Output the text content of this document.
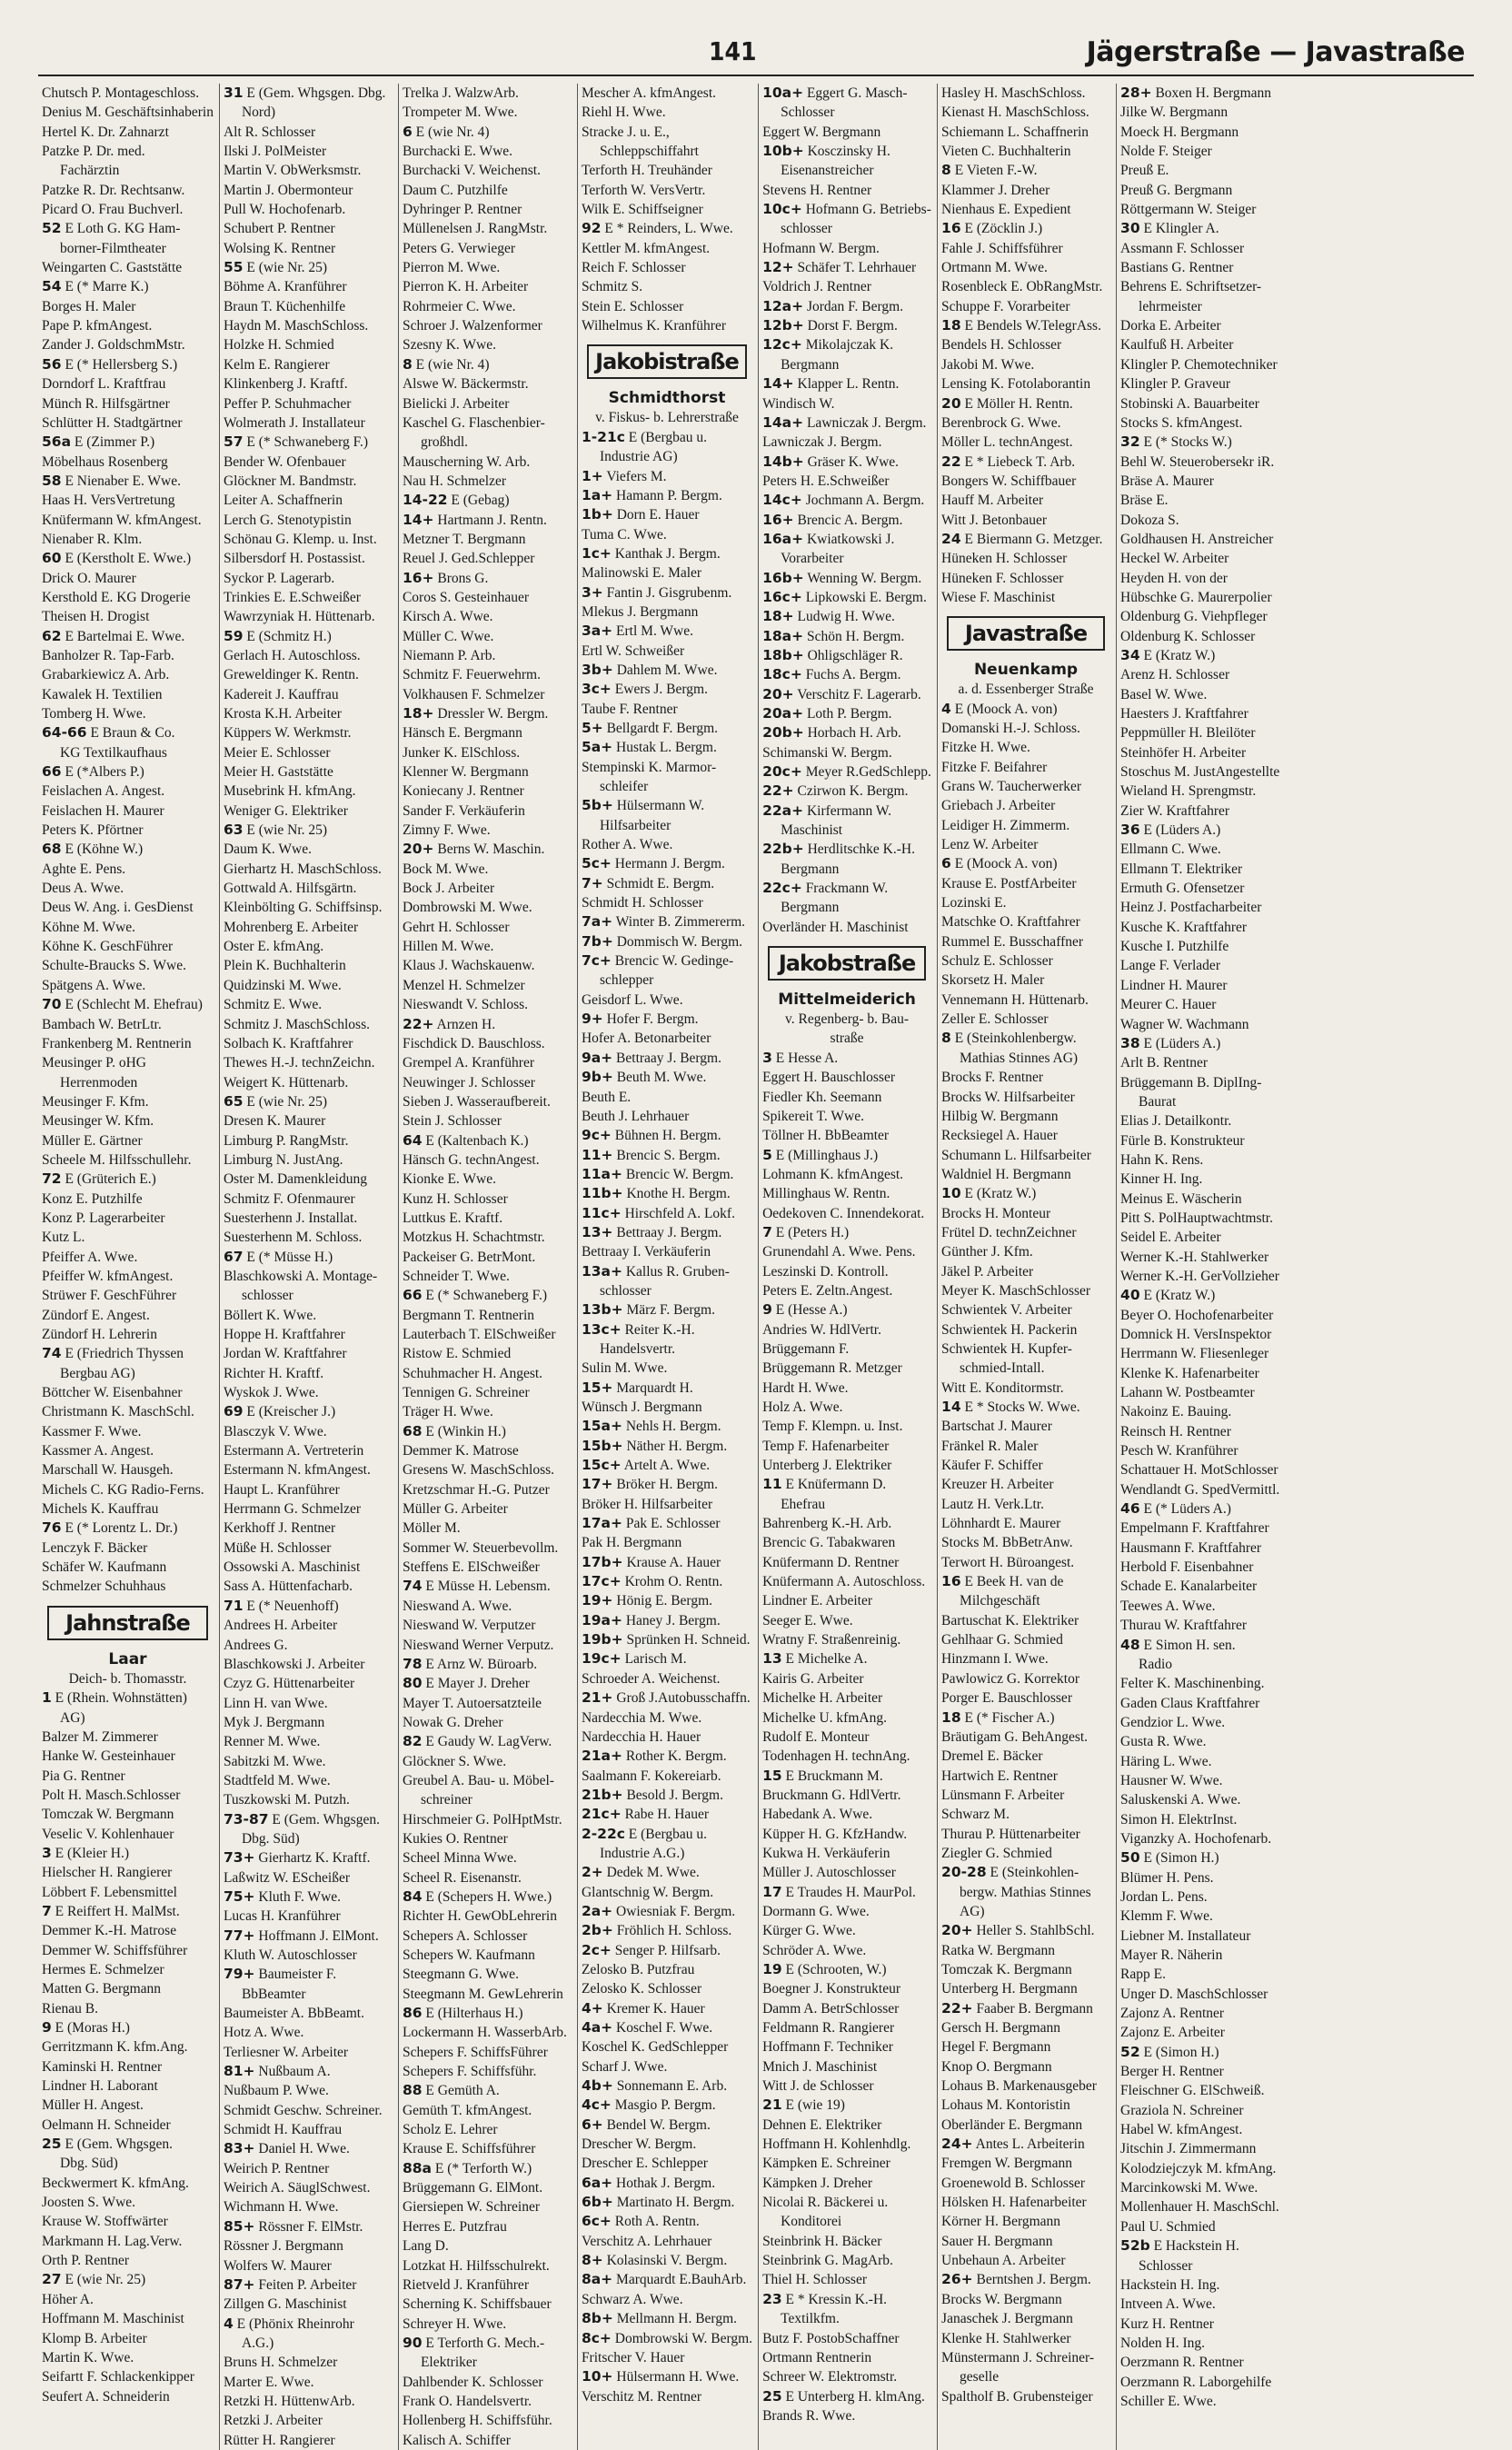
141	Jägerstraße — Javastraße
Chutsch P. Montageschloss.
Denius M. Geschäftsinhaberin
Hertel K. Dr. Zahnarzt
Patzke P. Dr. med.
Fachärztin
Patzke R. Dr. Rechtsanw.
Picard O. Frau Buchverl.
52 E Loth G. KG Ham-
borner-Filmtheater
Weingarten C. Gaststätte
54 E (* Marre K.)
Borges H. Maler
Pape P. kfmAngest.
Zander J. GoldschmMstr.
56 E (* Hellersberg S.)
Dorndorf L. Kraftfrau
Münch R. Hilfsgärtner
Schlütter H. Stadtgärtner
56a E (Zimmer P.)
Möbelhaus Rosenberg
58 E Nienaber E. Wwe.
Haas H. VersVertretung
Knüfermann W. kfmAngest.
Nienaber R. Klm.
60 E (Kerstholt E. Wwe.)
Drick O. Maurer
Kersthold E. KG Drogerie
Theisen H. Drogist
62 E Bartelmai E. Wwe.
Banholzer R. Tap-Farb.
Grabarkiewicz A. Arb.
Kawalek H. Textilien
Tomberg H. Wwe.
64-66 E Braun & Co.
KG Textilkaufhaus
66 E (*Albers P.)
Feislachen A. Angest.
Feislachen H. Maurer
Peters K. Pförtner
68 E (Köhne W.)
Aghte E. Pens.
Deus A. Wwe.
Deus W. Ang. i. GesDienst
Köhne M. Wwe.
Köhne K. GeschFührer
Schulte-Braucks S. Wwe.
Spätgens A. Wwe.
70 E (Schlecht M. Ehefrau)
Bambach W. BetrLtr.
Frankenberg M. Rentnerin
Meusinger P. oHG
Herrenmoden
Meusinger F. Kfm.
Meusinger W. Kfm.
Müller E. Gärtner
Scheele M. Hilfsschullehr.
72 E (Grüterich E.)
Konz E. Putzhilfe
Konz P. Lagerarbeiter
Kutz L.
Pfeiffer A. Wwe.
Pfeiffer W. kfmAngest.
Strüwer F. GeschFührer
Zündorf E. Angest.
Zündorf H. Lehrerin
74 E (Friedrich Thyssen
Bergbau AG)
Böttcher W. Eisenbahner
Christmann K. MaschSchl.
Kassmer F. Wwe.
Kassmer A. Angest.
Marschall W. Hausgeh.
Michels C. KG Radio-Ferns.
Michels K. Kauffrau
76 E (* Lorentz L. Dr.)
Lenczyk F. Bäcker
Schäfer W. Kaufmann
Schmelzer Schuhhaus
Jahnstraße
Laar
Deich- b. Thomasstr.
1 E (Rhein. Wohnstätten)
AG)
Balzer M. Zimmerer
Hanke W. Gesteinhauer
Pia G. Rentner
Polt H. Masch.Schlosser
Tomczak W. Bergmann
Veselic V. Kohlenhauer
3 E (Kleier H.)
Hielscher H. Rangierer
Löbbert F. Lebensmittel
7 E Reiffert H. MalMst.
Demmer K.-H. Matrose
Demmer W. Schiffsführer
Hermes E. Schmelzer
Matten G. Bergmann
Rienau B.
9 E (Moras H.)
Gerritzmann K. kfm.Ang.
Kaminski H. Rentner
Lindner H. Laborant
Müller H. Angest.
Oelmann H. Schneider
25 E (Gem. Whgsgen.
Dbg. Süd)
Beckwermert K. kfmAng.
Joosten S. Wwe.
Krause W. Stoffwärter
Markmann H. Lag.Verw.
Orth P. Rentner
27 E (wie Nr. 25)
Höher A.
Hoffmann M. Maschinist
Klomp B. Arbeiter
Martin K. Wwe.
Seifartt F. Schlackenkipper
Seufert A. Schneiderin
31 E (Gem. Whgsgen. Dbg.
Nord)
Alt R. Schlosser
Ilski J. PolMeister
Martin V. ObWerksmstr.
Martin J. Obermonteur
Pull W. Hochofenarb.
Schubert P. Rentner
Wolsing K. Rentner
55 E (wie Nr. 25)
Böhme A. Kranführer
Braun T. Küchenhilfe
Haydn M. MaschSchloss.
Holzke H. Schmied
Kelm E. Rangierer
Klinkenberg J. Kraftf.
Peffer P. Schuhmacher
Wolmerath J. Installateur
57 E (* Schwaneberg F.)
Bender W. Ofenbauer
Glöckner M. Bandmstr.
Leiter A. Schaffnerin
Lerch G. Stenotypistin
Schönau G. Klemp. u. Inst.
Silbersdorf H. Postassist.
Syckor P. Lagerarb.
Trinkies E. E.Schweißer
Wawrzyniak H. Hüttenarb.
59 E (Schmitz H.)
Gerlach H. Autoschloss.
Greweldinger K. Rentn.
Kadereit J. Kauffrau
Krosta K.H. Arbeiter
Küppers W. Werkmstr.
Meier E. Schlosser
Meier H. Gaststätte
Musebrink H. kfmAng.
Weniger G. Elektriker
63 E (wie Nr. 25)
Daum K. Wwe.
Gierhartz H. MaschSchloss.
Gottwald A. Hilfsgärtn.
Kleinbölting G. Schiffsinsp.
Mohrenberg E. Arbeiter
Oster E. kfmAng.
Plein K. Buchhalterin
Quidzinski M. Wwe.
Schmitz E. Wwe.
Schmitz J. MaschSchloss.
Solbach K. Kraftfahrer
Thewes H.-J. technZeichn.
Weigert K. Hüttenarb.
65 E (wie Nr. 25)
Dresen K. Maurer
Limburg P. RangMstr.
Limburg N. JustAng.
Oster M. Damenkleidung
Schmitz F. Ofenmaurer
Suesterhenn J. Installat.
Suesterhenn M. Schloss.
67 E (* Müsse H.)
Blaschkowski A. Montage-
schlosser
Böllert K. Wwe.
Hoppe H. Kraftfahrer
Jordan W. Kraftfahrer
Richter H. Kraftf.
Wyskok J. Wwe.
69 E (Kreischer J.)
Blasczyk V. Wwe.
Estermann A. Vertreterin
Estermann N. kfmAngest.
Haupt L. Kranführer
Herrmann G. Schmelzer
Kerkhoff J. Rentner
Müße H. Schlosser
Ossowski A. Maschinist
Sass A. Hüttenfacharb.
71 E (* Neuenhoff)
Andrees H. Arbeiter
Andrees G.
Blaschkowski J. Arbeiter
Czyz G. Hüttenarbeiter
Linn H. van Wwe.
Myk J. Bergmann
Renner M. Wwe.
Sabitzki M. Wwe.
Stadtfeld M. Wwe.
Tuszkowski M. Putzh.
73-87 E (Gem. Whgsgen.
Dbg. Süd)
73+ Gierhartz K. Kraftf.
Laßwitz W. EScheißer
75+ Kluth F. Wwe.
Lucas H. Kranführer
77+ Hoffmann J. ElMont.
Kluth W. Autoschlosser
79+ Baumeister F.
BbBeamter
Baumeister A. BbBeamt.
Hotz A. Wwe.
Terliesner W. Arbeiter
81+ Nußbaum A.
Nußbaum P. Wwe.
Schmidt Geschw. Schreiner.
Schmidt H. Kauffrau
83+ Daniel H. Wwe.
Weirich P. Rentner
Weirich A. SäuglSchwest.
Wichmann H. Wwe.
85+ Rössner F. ElMstr.
Rössner J. Bergmann
Wolfers W. Maurer
87+ Feiten P. Arbeiter
Zillgen G. Maschinist
4 E (Phönix Rheinrohr
A.G.)
Bruns H. Schmelzer
Marter E. Wwe.
Retzki H. HüttenwArb.
Retzki J. Arbeiter
Rütter H. Rangierer
Trelka J. WalzwArb.
Trompeter M. Wwe.
6 E (wie Nr. 4)
Burchacki E. Wwe.
Burchacki V. Weichenst.
Daum C. Putzhilfe
Dyhringer P. Rentner
Müllenelsen J. RangMstr.
Peters G. Verwieger
Pierron M. Wwe.
Pierron K. H. Arbeiter
Rohrmeier C. Wwe.
Schroer J. Walzenformer
Szesny K. Wwe.
8 E (wie Nr. 4)
Alswe W. Bäckermstr.
Bielicki J. Arbeiter
Kaschel G. Flaschenbier-
großhdl.
Mauscherning W. Arb.
Nau H. Schmelzer
14-22 E (Gebag)
14+ Hartmann J. Rentn.
Metzner T. Bergmann
Reuel J. Ged.Schlepper
16+ Brons G.
Coros S. Gesteinhauer
Kirsch A. Wwe.
Müller C. Wwe.
Niemann P. Arb.
Schmitz F. Feuerwehrm.
Volkhausen F. Schmelzer
18+ Dressler W. Bergm.
Hänsch E. Bergmann
Junker K. ElSchloss.
Klenner W. Bergmann
Koniecany J. Rentner
Sander F. Verkäuferin
Zimny F. Wwe.
20+ Berns W. Maschin.
Bock M. Wwe.
Bock J. Arbeiter
Dombrowski M. Wwe.
Gehrt H. Schlosser
Hillen M. Wwe.
Klaus J. Wachskauenw.
Menzel H. Schmelzer
Nieswandt V. Schloss.
22+ Arnzen H.
Fischdick D. Bauschloss.
Grempel A. Kranführer
Neuwinger J. Schlosser
Sieben J. Wasseraufbereit.
Stein J. Schlosser
64 E (Kaltenbach K.)
Hänsch G. technAngest.
Kionke E. Wwe.
Kunz H. Schlosser
Luttkus E. Kraftf.
Motzkus H. Schachtmstr.
Packeiser G. BetrMont.
Schneider T. Wwe.
66 E (* Schwaneberg F.)
Bergmann T. Rentnerin
Lauterbach T. ElSchweißer
Ristow E. Schmied
Schuhmacher H. Angest.
Tennigen G. Schreiner
Träger H. Wwe.
68 E (Winkin H.)
Demmer K. Matrose
Gresens W. MaschSchloss.
Kretzschmar H.-G. Putzer
Müller G. Arbeiter
Möller M.
Sommer W. Steuerbevollm.
Steffens E. ElSchweißer
74 E Müsse H. Lebensm.
Nieswand A. Wwe.
Nieswand W. Verputzer
Nieswand Werner Verputz.
78 E Arnz W. Büroarb.
80 E Mayer J. Dreher
Mayer T. Autoersatzteile
Nowak G. Dreher
82 E Gaudy W. LagVerw.
Glöckner S. Wwe.
Greubel A. Bau- u. Möbel-
schreiner
Hirschmeier G. PolHptMstr.
Kukies O. Rentner
Scheel Minna Wwe.
Scheel R. Eisenanstr.
84 E (Schepers H. Wwe.)
Richter H. GewObLehrerin
Schepers A. Schlosser
Schepers W. Kaufmann
Steegmann G. Wwe.
Steegmann M. GewLehrerin
86 E (Hilterhaus H.)
Lockermann H. WasserbArb.
Schepers F. SchiffsFührer
Schepers F. Schiffsführ.
88 E Gemüth A.
Gemüth T. kfmAngest.
Scholz E. Lehrer
Krause E. Schiffsführer
88a E (* Terforth W.)
Brüggemann G. ElMont.
Giersiepen W. Schreiner
Herres E. Putzfrau
Lang D.
Lotzkat H. Hilfsschulrekt.
Rietveld J. Kranführer
Scherning K. Schiffsbauer
Schreyer H. Wwe.
90 E Terforth G. Mech.-
Elektriker
Dahlbender K. Schlosser
Frank O. Handelsvertr.
Hollenberg H. Schiffsführ.
Kalisch A. Schiffer
Mescher A. kfmAngest.
Riehl H. Wwe.
Stracke J. u. E.,
Schleppschiffahrt
Terforth H. Treuhänder
Terforth W. VersVertr.
Wilk E. Schiffseigner
92 E * Reinders, L. Wwe.
Kettler M. kfmAngest.
Reich F. Schlosser
Schmitz S.
Stein E. Schlosser
Wilhelmus K. Kranführer
Jakobistraße
Schmidthorst
v. Fiskus- b. Lehrerstraße
1-21c E (Bergbau u.
Industrie AG)
1+ Viefers M.
1a+ Hamann P. Bergm.
1b+ Dorn E. Hauer
Tuma C. Wwe.
1c+ Kanthak J. Bergm.
Malinowski E. Maler
3+ Fantin J. Gisgrubenm.
Mlekus J. Bergmann
3a+ Ertl M. Wwe.
Ertl W. Schweißer
3b+ Dahlem M. Wwe.
3c+ Ewers J. Bergm.
Taube F. Rentner
5+ Bellgardt F. Bergm.
5a+ Hustak L. Bergm.
Stempinski K. Marmor-
schleifer
5b+ Hülsermann W.
Hilfsarbeiter
Rother A. Wwe.
5c+ Hermann J. Bergm.
7+ Schmidt E. Bergm.
Schmidt H. Schlosser
7a+ Winter B. Zimmererm.
7b+ Dommisch W. Bergm.
7c+ Brencic W. Gedinge-
schlepper
Geisdorf L. Wwe.
9+ Hofer F. Bergm.
Hofer A. Betonarbeiter
9a+ Bettraay J. Bergm.
9b+ Beuth M. Wwe.
Beuth E.
Beuth J. Lehrhauer
9c+ Bühnen H. Bergm.
11+ Brencic S. Bergm.
11a+ Brencic W. Bergm.
11b+ Knothe H. Bergm.
11c+ Hirschfeld A. Lokf.
13+ Bettraay J. Bergm.
Bettraay I. Verkäuferin
13a+ Kallus R. Gruben-
schlosser
13b+ März F. Bergm.
13c+ Reiter K.-H.
Handelsvertr.
Sulin M. Wwe.
15+ Marquardt H.
Wünsch J. Bergmann
15a+ Nehls H. Bergm.
15b+ Näther H. Bergm.
15c+ Artelt A. Wwe.
17+ Bröker H. Bergm.
Bröker H. Hilfsarbeiter
17a+ Pak E. Schlosser
Pak H. Bergmann
17b+ Krause A. Hauer
17c+ Krohm O. Rentn.
19+ Hönig E. Bergm.
19a+ Haney J. Bergm.
19b+ Sprünken H. Schneid.
19c+ Larisch M.
Schroeder A. Weichenst.
21+ Groß J.Autobusschaffn.
Nardecchia M. Wwe.
Nardecchia H. Hauer
21a+ Rother K. Bergm.
Saalmann F. Kokereiarb.
21b+ Besold J. Bergm.
21c+ Rabe H. Hauer
2-22c E (Bergbau u.
Industrie A.G.)
2+ Dedek M. Wwe.
Glantschnig W. Bergm.
2a+ Owiesniak F. Bergm.
2b+ Fröhlich H. Schloss.
2c+ Senger P. Hilfsarb.
Zelosko B. Putzfrau
Zelosko K. Schlosser
4+ Kremer K. Hauer
4a+ Koschel F. Wwe.
Koschel K. GedSchlepper
Scharf J. Wwe.
4b+ Sonnemann E. Arb.
4c+ Masgio P. Bergm.
6+ Bendel W. Bergm.
Drescher W. Bergm.
Drescher E. Schlepper
6a+ Hothak J. Bergm.
6b+ Martinato H. Bergm.
6c+ Roth A. Rentn.
Verschitz A. Lehrhauer
8+ Kolasinski V. Bergm.
8a+ Marquardt E.BauhArb.
Schwarz A. Wwe.
8b+ Mellmann H. Bergm.
8c+ Dombrowski W. Bergm.
Fritscher V. Hauer
10+ Hülsermann H. Wwe.
Verschitz M. Rentner
10a+ Eggert G. Masch-
Schlosser
Eggert W. Bergmann
10b+ Kosczinsky H.
Eisenanstreicher
Stevens H. Rentner
10c+ Hofmann G. Betriebs-
schlosser
Hofmann W. Bergm.
12+ Schäfer T. Lehrhauer
Voldrich J. Rentner
12a+ Jordan F. Bergm.
12b+ Dorst F. Bergm.
12c+ Mikolajczak K.
Bergmann
14+ Klapper L. Rentn.
Windisch W.
14a+ Lawniczak J. Bergm.
Lawniczak J. Bergm.
14b+ Gräser K. Wwe.
Peters H. E.Schweißer
14c+ Jochmann A. Bergm.
16+ Brencic A. Bergm.
16a+ Kwiatkowski J.
Vorarbeiter
16b+ Wenning W. Bergm.
16c+ Lipkowski E. Bergm.
18+ Ludwig H. Wwe.
18a+ Schön H. Bergm.
18b+ Ohligschläger R.
18c+ Fuchs A. Bergm.
20+ Verschitz F. Lagerarb.
20a+ Loth P. Bergm.
20b+ Horbach H. Arb.
Schimanski W. Bergm.
20c+ Meyer R.GedSchlepp.
22+ Czirwon K. Bergm.
22a+ Kirfermann W.
Maschinist
22b+ Herdlitschke K.-H.
Bergmann
22c+ Frackmann W.
Bergmann
Overländer H. Maschinist
Jakobstraße
Mittelmeiderich
v. Regenberg- b. Bau-
straße
3 E Hesse A.
Eggert H. Bauschlosser
Fiedler Kh. Seemann
Spikereit T. Wwe.
Töllner H. BbBeamter
5 E (Millinghaus J.)
Lohmann K. kfmAngest.
Millinghaus W. Rentn.
Oedekoven C. Innendekorat.
7 E (Peters H.)
Grunendahl A. Wwe. Pens.
Leszinski D. Kontroll.
Peters E. Zeltn.Angest.
9 E (Hesse A.)
Andries W. HdlVertr.
Brüggemann F.
Brüggemann R. Metzger
Hardt H. Wwe.
Holz A. Wwe.
Temp F. Klempn. u. Inst.
Temp F. Hafenarbeiter
Unterberg J. Elektriker
11 E Knüfermann D.
Ehefrau
Bahrenberg K.-H. Arb.
Brencic G. Tabakwaren
Knüfermann D. Rentner
Knüfermann A. Autoschloss.
Lindner E. Arbeiter
Seeger E. Wwe.
Wratny F. Straßenreinig.
13 E Michelke A.
Kairis G. Arbeiter
Michelke H. Arbeiter
Michelke U. kfmAng.
Rudolf E. Monteur
Todenhagen H. technAng.
15 E Bruckmann M.
Bruckmann G. HdlVertr.
Habedank A. Wwe.
Küpper H. G. KfzHandw.
Kukwa H. Verkäuferin
Müller J. Autoschlosser
17 E Traudes H. MaurPol.
Dormann G. Wwe.
Kürger G. Wwe.
Schröder A. Wwe.
19 E (Schrooten, W.)
Boegner J. Konstrukteur
Damm A. BetrSchlosser
Feldmann R. Rangierer
Hoffmann F. Techniker
Mnich J. Maschinist
Witt J. de Schlosser
21 E (wie 19)
Dehnen E. Elektriker
Hoffmann H. Kohlenhdlg.
Kämpken E. Schreiner
Kämpken J. Dreher
Nicolai R. Bäckerei u.
Konditorei
Steinbrink H. Bäcker
Steinbrink G. MagArb.
Thiel H. Schlosser
23 E * Kressin K.-H.
Textilkfm.
Butz F. PostobSchaffner
Ortmann Rentnerin
Schreer W. Elektromstr.
25 E Unterberg H. klmAng.
Brands R. Wwe.
Hasley H. MaschSchloss.
Kienast H. MaschSchloss.
Schiemann L. Schaffnerin
Vieten C. Buchhalterin
8 E Vieten F.-W.
Klammer J. Dreher
Nienhaus E. Expedient
16 E (Zöcklin J.)
Fahle J. Schiffsführer
Ortmann M. Wwe.
Rosenbleck E. ObRangMstr.
Schuppe F. Vorarbeiter
18 E Bendels W.TelegrAss.
Bendels H. Schlosser
Jakobi M. Wwe.
Lensing K. Fotolaborantin
20 E Möller H. Rentn.
Berenbrock G. Wwe.
Möller L. technAngest.
22 E * Liebeck T. Arb.
Bongers W. Schiffbauer
Hauff M. Arbeiter
Witt J. Betonbauer
24 E Biermann G. Metzger.
Hüneken H. Schlosser
Hüneken F. Schlosser
Wiese F. Maschinist
Javastraße
Neuenkamp
a. d. Essenberger Straße
4 E (Moock A. von)
Domanski H.-J. Schloss.
Fitzke H. Wwe.
Fitzke F. Beifahrer
Grans W. Taucherwerker
Griebach J. Arbeiter
Leidiger H. Zimmerm.
Lenz W. Arbeiter
6 E (Moock A. von)
Krause E. PostfArbeiter
Lozinski E.
Matschke O. Kraftfahrer
Rummel E. Busschaffner
Schulz E. Schlosser
Skorsetz H. Maler
Vennemann H. Hüttenarb.
Zeller E. Schlosser
8 E (Steinkohlenbergw.
Mathias Stinnes AG)
Brocks F. Rentner
Brocks W. Hilfsarbeiter
Hilbig W. Bergmann
Recksiegel A. Hauer
Schumann L. Hilfsarbeiter
Waldniel H. Bergmann
10 E (Kratz W.)
Brocks H. Monteur
Frütel D. technZeichner
Günther J. Kfm.
Jäkel P. Arbeiter
Meyer K. MaschSchlosser
Schwientek V. Arbeiter
Schwientek H. Packerin
Schwientek H. Kupfer-
schmied-Intall.
Witt E. Konditormstr.
14 E * Stocks W. Wwe.
Bartschat J. Maurer
Fränkel R. Maler
Käufer F. Schiffer
Kreuzer H. Arbeiter
Lautz H. Verk.Ltr.
Löhnhardt E. Maurer
Stocks M. BbBetrAnw.
Terwort H. Büroangest.
16 E Beek H. van de
Milchgeschäft
Bartuschat K. Elektriker
Gehlhaar G. Schmied
Hinzmann I. Wwe.
Pawlowicz G. Korrektor
Porger E. Bauschlosser
18 E (* Fischer A.)
Bräutigam G. BehAngest.
Dremel E. Bäcker
Hartwich E. Rentner
Lünsmann F. Arbeiter
Schwarz M.
Thurau P. Hüttenarbeiter
Ziegler G. Schmied
20-28 E (Steinkohlen-
bergw. Mathias Stinnes
AG)
20+ Heller S. StahlbSchl.
Ratka W. Bergmann
Tomczak K. Bergmann
Unterberg H. Bergmann
22+ Faaber B. Bergmann
Gersch H. Bergmann
Hegel F. Bergmann
Knop O. Bergmann
Lohaus B. Markenausgeber
Lohaus M. Kontoristin
Oberländer E. Bergmann
24+ Antes L. Arbeiterin
Fremgen W. Bergmann
Groenewold B. Schlosser
Hölsken H. Hafenarbeiter
Körner H. Bergmann
Sauer H. Bergmann
Unbehaun A. Arbeiter
26+ Berntshen J. Bergm.
Brocks W. Bergmann
Janaschek J. Bergmann
Klenke H. Stahlwerker
Münstermann J. Schreiner-
geselle
Spaltholf B. Grubensteiger
28+ Boxen H. Bergmann
Jilke W. Bergmann
Moeck H. Bergmann
Nolde F. Steiger
Preuß E.
Preuß G. Bergmann
Röttgermann W. Steiger
30 E Klingler A.
Assmann F. Schlosser
Bastians G. Rentner
Behrens E. Schriftsetzer-
lehrmeister
Dorka E. Arbeiter
Kaulfuß H. Arbeiter
Klingler P. Chemotechniker
Klingler P. Graveur
Stobinski A. Bauarbeiter
Stocks S. kfmAngest.
32 E (* Stocks W.)
Behl W. Steuerobersekr iR.
Bräse A. Maurer
Bräse E.
Dokoza S.
Goldhausen H. Anstreicher
Heckel W. Arbeiter
Heyden H. von der
Hübschke G. Maurerpolier
Oldenburg G. Viehpfleger
Oldenburg K. Schlosser
34 E (Kratz W.)
Arenz H. Schlosser
Basel W. Wwe.
Haesters J. Kraftfahrer
Peppmüller H. Bleilöter
Steinhöfer H. Arbeiter
Stoschus M. JustAngestellte
Wieland H. Sprengmstr.
Zier W. Kraftfahrer
36 E (Lüders A.)
Ellmann C. Wwe.
Ellmann T. Elektriker
Ermuth G. Ofensetzer
Heinz J. Postfacharbeiter
Kusche K. Kraftfahrer
Kusche I. Putzhilfe
Lange F. Verlader
Lindner H. Maurer
Meurer C. Hauer
Wagner W. Wachmann
38 E (Lüders A.)
Arlt B. Rentner
Brüggemann B. DiplIng-
Baurat
Elias J. Detailkontr.
Fürle B. Konstrukteur
Hahn K. Rens.
Kinner H. Ing.
Meinus E. Wäscherin
Pitt S. PolHauptwachtmstr.
Seidel E. Arbeiter
Werner K.-H. Stahlwerker
Werner K.-H. GerVollzieher
40 E (Kratz W.)
Beyer O. Hochofenarbeiter
Domnick H. VersInspektor
Herrmann W. Fliesenleger
Klenke K. Hafenarbeiter
Lahann W. Postbeamter
Nakoinz E. Bauing.
Reinsch H. Rentner
Pesch W. Kranführer
Schattauer H. MotSchlosser
Wendlandt G. SpedVermittl.
46 E (* Lüders A.)
Empelmann F. Kraftfahrer
Hausmann F. Kraftfahrer
Herbold F. Eisenbahner
Schade E. Kanalarbeiter
Teewes A. Wwe.
Thurau W. Kraftfahrer
48 E Simon H. sen.
Radio
Felter K. Maschinenbing.
Gaden Claus Kraftfahrer
Gendzior L. Wwe.
Gusta R. Wwe.
Häring L. Wwe.
Hausner W. Wwe.
Saluskenski A. Wwe.
Simon H. ElektrInst.
Viganzky A. Hochofenarb.
50 E (Simon H.)
Blümer H. Pens.
Jordan L. Pens.
Klemm F. Wwe.
Liebner M. Installateur
Mayer R. Näherin
Rapp E.
Unger D. MaschSchlosser
Zajonz A. Rentner
Zajonz E. Arbeiter
52 E (Simon H.)
Berger H. Rentner
Fleischner G. ElSchweiß.
Graziola N. Schreiner
Habel W. kfmAngest.
Jitschin J. Zimmermann
Kolodziejczyk M. kfmAng.
Marcinkowski M. Wwe.
Mollenhauer H. MaschSchl.
Paul U. Schmied
52b E Hackstein H.
Schlosser
Hackstein H. Ing.
Intveen A. Wwe.
Kurz H. Rentner
Nolden H. Ing.
Oerzmann R. Rentner
Oerzmann R. Laborgehilfe
Schiller E. Wwe.
